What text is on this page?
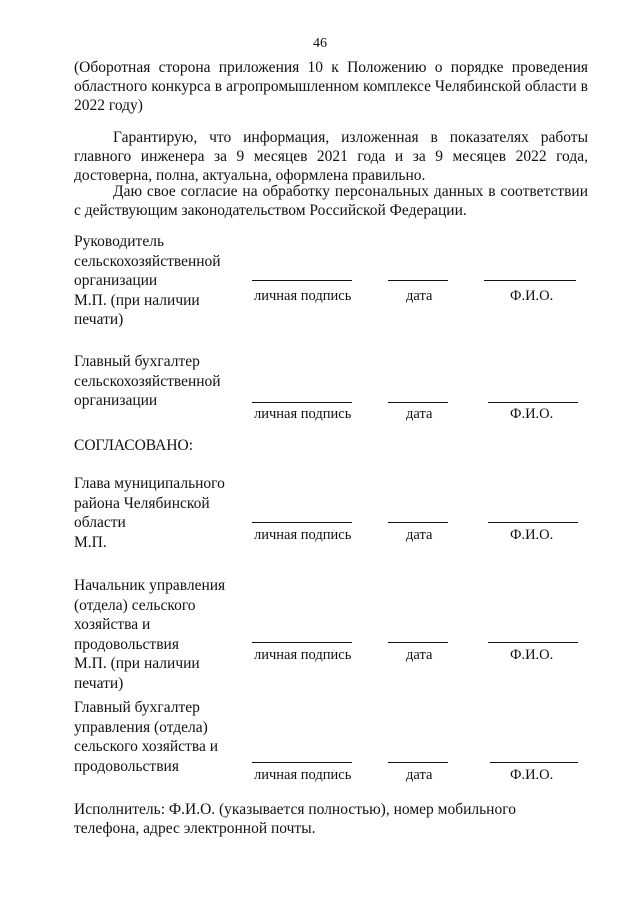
46
(Оборотная сторона приложения 10 к Положению о порядке проведения областного конкурса в агропромышленном комплексе Челябинской области в 2022 году)
Гарантирую, что информация, изложенная в показателях работы главного инженера за 9 месяцев 2021 года и за 9 месяцев 2022 года, достоверна, полна, актуальна, оформлена правильно.
Даю свое согласие на обработку персональных данных в соответствии с действующим законодательством Российской Федерации.
Руководитель
сельскохозяйственной
организации
М.П. (при наличии
печати)
личная подпись	дата	Ф.И.О.
Главный бухгалтер
сельскохозяйственной
организации
личная подпись	дата	Ф.И.О.
СОГЛАСОВАНО:
Глава муниципального
района Челябинской
области
М.П.	личная подпись	дата	Ф.И.О.
Начальник управления
(отдела) сельского
хозяйства и
продовольствия
М.П. (при наличии
печати)
личная подпись	дата	Ф.И.О.
Главный бухгалтер
управления (отдела)
сельского хозяйства и
продовольствия
личная подпись	дата	Ф.И.О.
Исполнитель: Ф.И.О. (указывается полностью), номер мобильного телефона, адрес электронной почты.
